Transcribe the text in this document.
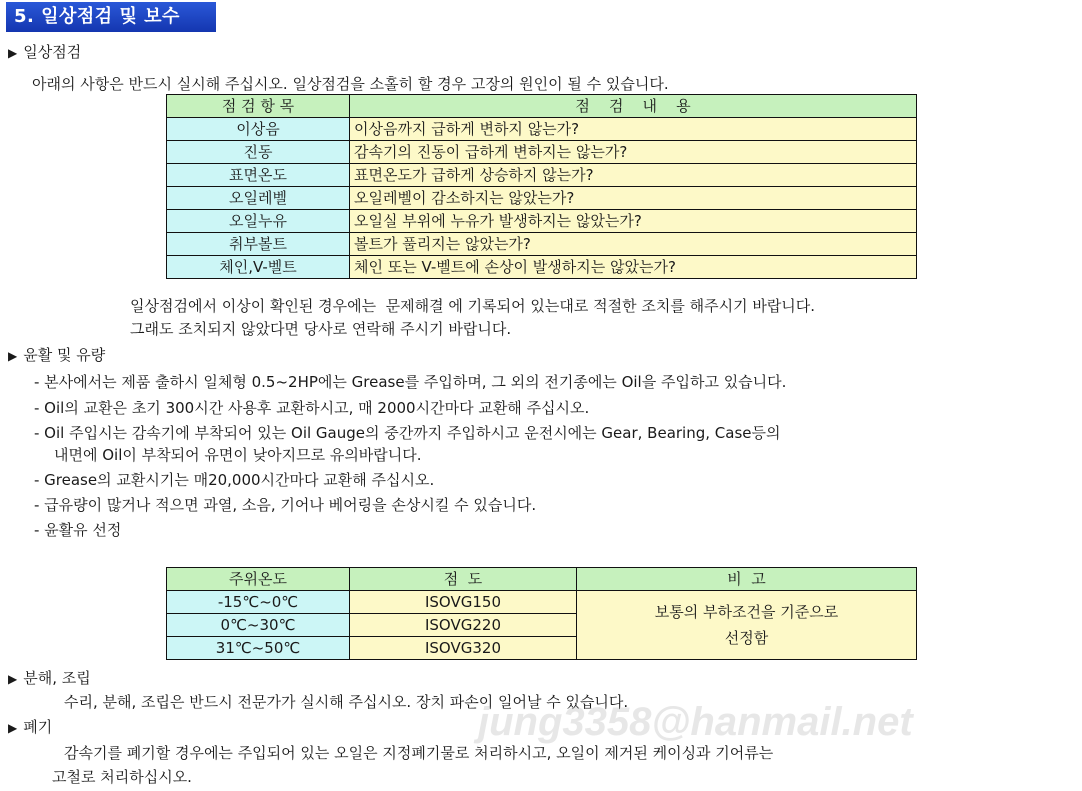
5. 일상점검 및 보수
▶ 일상점검
아래의 사항은 반드시 실시해 주십시오. 일상점검을 소홀히 할 경우 고장의 원인이 될 수 있습니다.
점 검 항 목	점    검    내    용
이상음	이상음까지 급하게 변하지 않는가?
진동	감속기의 진동이 급하게 변하지는 않는가?
표면온도	표면온도가 급하게 상승하지 않는가?
오일레벨	오일레벨이 감소하지는 않았는가?
오일누유	오일실 부위에 누유가 발생하지는 않았는가?
취부볼트	볼트가 풀리지는 않았는가?
체인,V-벨트	체인 또는 V-벨트에 손상이 발생하지는 않았는가?
일상점검에서 이상이 확인된 경우에는  문제해결 에 기록되어 있는대로 적절한 조치를 해주시기 바랍니다.
그래도 조치되지 않았다면 당사로 연락해 주시기 바랍니다.
▶ 윤활 및 유량
- 본사에서는 제품 출하시 일체형 0.5~2HP에는 Grease를 주입하며, 그 외의 전기종에는 Oil을 주입하고 있습니다.
- Oil의 교환은 초기 300시간 사용후 교환하시고, 매 2000시간마다 교환해 주십시오.
- Oil 주입시는 감속기에 부착되어 있는 Oil Gauge의 중간까지 주입하시고 운전시에는 Gear, Bearing, Case등의
내면에 Oil이 부착되어 유면이 낮아지므로 유의바랍니다.
- Grease의 교환시기는 매20,000시간마다 교환해 주십시오.
- 급유량이 많거나 적으면 과열, 소음, 기어나 베어링을 손상시킬 수 있습니다.
- 윤활유 선정
주위온도	점  도	비  고
-15℃~0℃	ISOVG150	보통의 부하조건을 기준으로
선정함

0℃~30℃	ISOVG220	
31℃~50℃	ISOVG320	
▶ 분해, 조립
수리, 분해, 조립은 반드시 전문가가 실시해 주십시오. 장치 파손이 일어날 수 있습니다.
▶ 폐기
감속기를 폐기할 경우에는 주입되어 있는 오일은 지정폐기물로 처리하시고, 오일이 제거된 케이싱과 기어류는
고철로 처리하십시오.
jung3358@hanmail.net
